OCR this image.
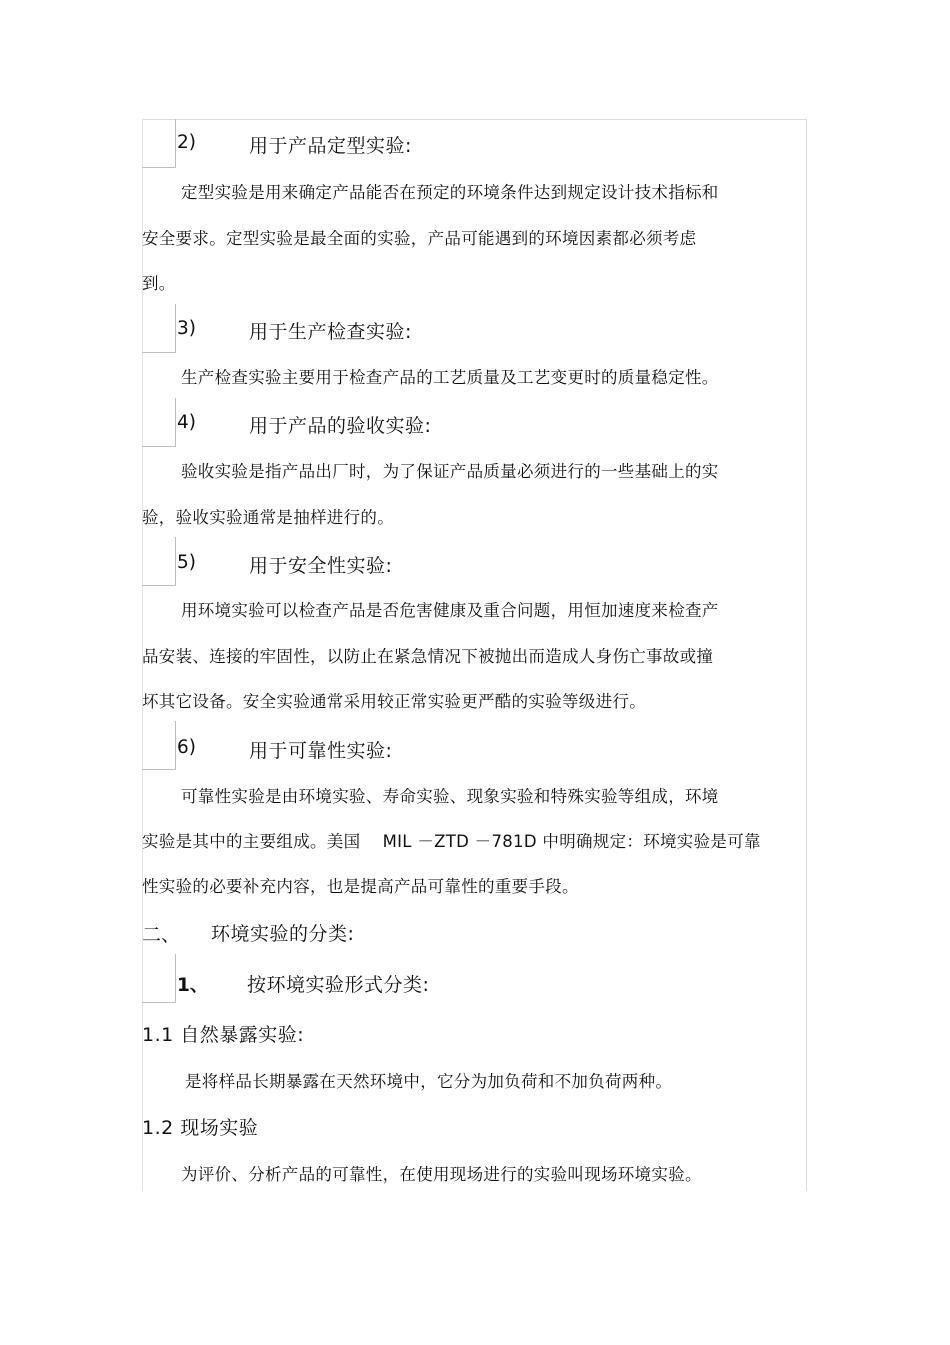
2)	用于产品定型实验:
定型实验是用来确定产品能否在预定的环境条件达到规定设计技术指标和
安全要求。定型实验是最全面的实验，产品可能遇到的环境因素都必须考虑
到。
3)	用于生产检查实验:
生产检查实验主要用于检查产品的工艺质量及工艺变更时的质量稳定性。
4)	用于产品的验收实验:
验收实验是指产品出厂时，为了保证产品质量必须进行的一些基础上的实
验，验收实验通常是抽样进行的。
5)	用于安全性实验:
用环境实验可以检查产品是否危害健康及重合问题，用恒加速度来检查产
品安装、连接的牢固性，以防止在紧急情况下被抛出而造成人身伤亡事故或撞
坏其它设备。安全实验通常采用较正常实验更严酷的实验等级进行。
6)	用于可靠性实验:
可靠性实验是由环境实验、寿命实验、现象实验和特殊实验等组成，环境
实验是其中的主要组成。美国    MIL －ZTD －781D 中明确规定：环境实验是可靠
性实验的必要补充内容，也是提高产品可靠性的重要手段。
二、 环境实验的分类:
1、 按环境实验形式分类:
1.1 自然暴露实验:
是将样品长期暴露在天然环境中，它分为加负荷和不加负荷两种。
1.2 现场实验
为评价、分析产品的可靠性，在使用现场进行的实验叫现场环境实验。
